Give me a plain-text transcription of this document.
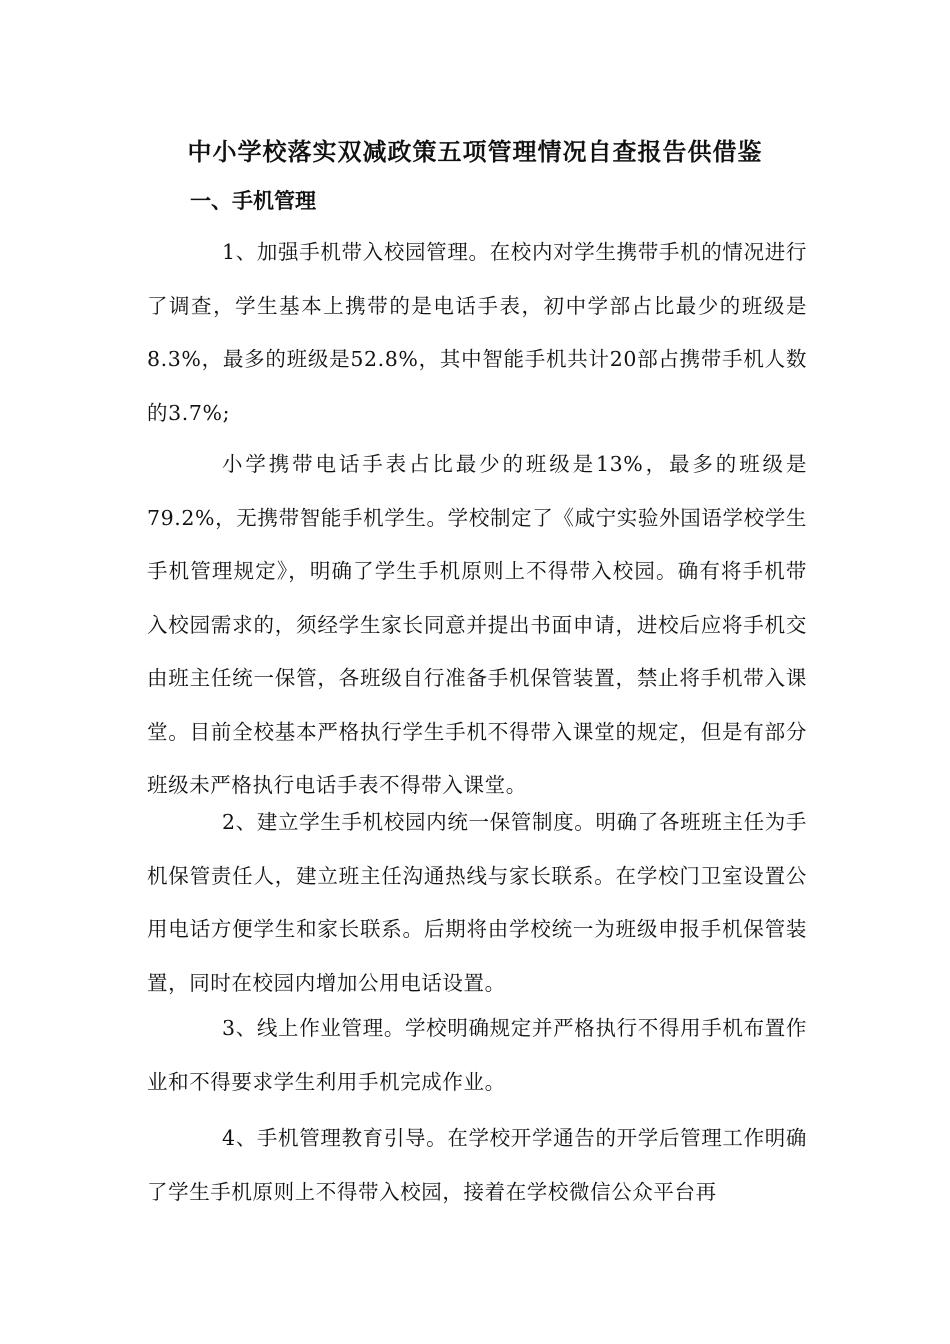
中小学校落实双减政策五项管理情况自查报告供借鉴
一、手机管理

1、加强手机带入校园管理。在校内对学生携带手机的情况进行了调查，学生基本上携带的是电话手表，初中学部占比最少的班级是8.3%，最多的班级是52.8%，其中智能手机共计20部占携带手机人数的3.7%;

小学携带电话手表占比最少的班级是13%，最多的班级是79.2%，无携带智能手机学生。学校制定了《咸宁实验外国语学校学生手机管理规定》，明确了学生手机原则上不得带入校园。确有将手机带入校园需求的，须经学生家长同意并提出书面申请，进校后应将手机交由班主任统一保管，各班级自行准备手机保管装置，禁止将手机带入课堂。目前全校基本严格执行学生手机不得带入课堂的规定，但是有部分班级未严格执行电话手表不得带入课堂。

2、建立学生手机校园内统一保管制度。明确了各班班主任为手机保管责任人，建立班主任沟通热线与家长联系。在学校门卫室设置公用电话方便学生和家长联系。后期将由学校统一为班级申报手机保管装置，同时在校园内增加公用电话设置。

3、线上作业管理。学校明确规定并严格执行不得用手机布置作业和不得要求学生利用手机完成作业。

4、手机管理教育引导。在学校开学通告的开学后管理工作明确了学生手机原则上不得带入校园，接着在学校微信公众平台再
